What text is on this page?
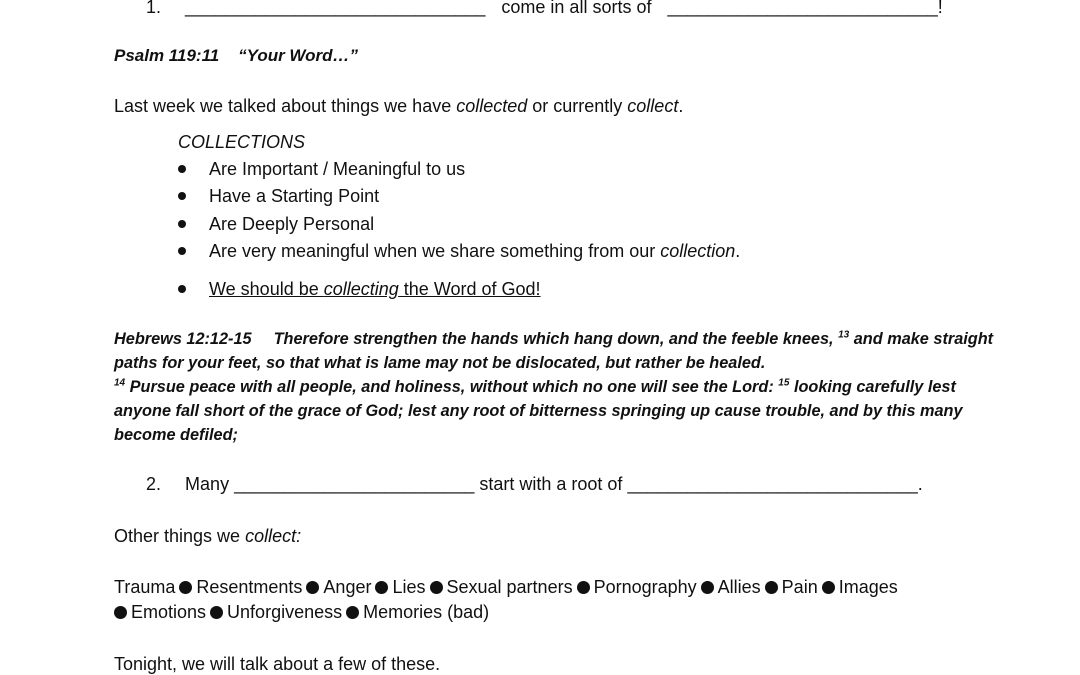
1. ______________________________ come in all sorts of ___________________________!
Psalm 119:11    “Your Word…”
Last week we talked about things we have collected or currently collect.
COLLECTIONS
Are Important / Meaningful to us
Have a Starting Point
Are Deeply Personal
Are very meaningful when we share something from our collection.
We should be collecting the Word of God!
Hebrews 12:12-15 Therefore strengthen the hands which hang down, and the feeble knees, $^{13}$ and make straight paths for your feet, so that what is lame may not be dislocated, but rather be healed.
$^{14}$ Pursue peace with all people, and holiness, without which no one will see the Lord: $^{15}$ looking carefully lest anyone fall short of the grace of God; lest any root of bitterness springing up cause trouble, and by this many become defiled;
2. Many ________________________ start with a root of _____________________________.
Other things we collect:
Trauma Resentments Anger Lies Sexual partners Pornography Allies Pain Images
Emotions Unforgiveness Memories (bad)
Tonight, we will talk about a few of these.
